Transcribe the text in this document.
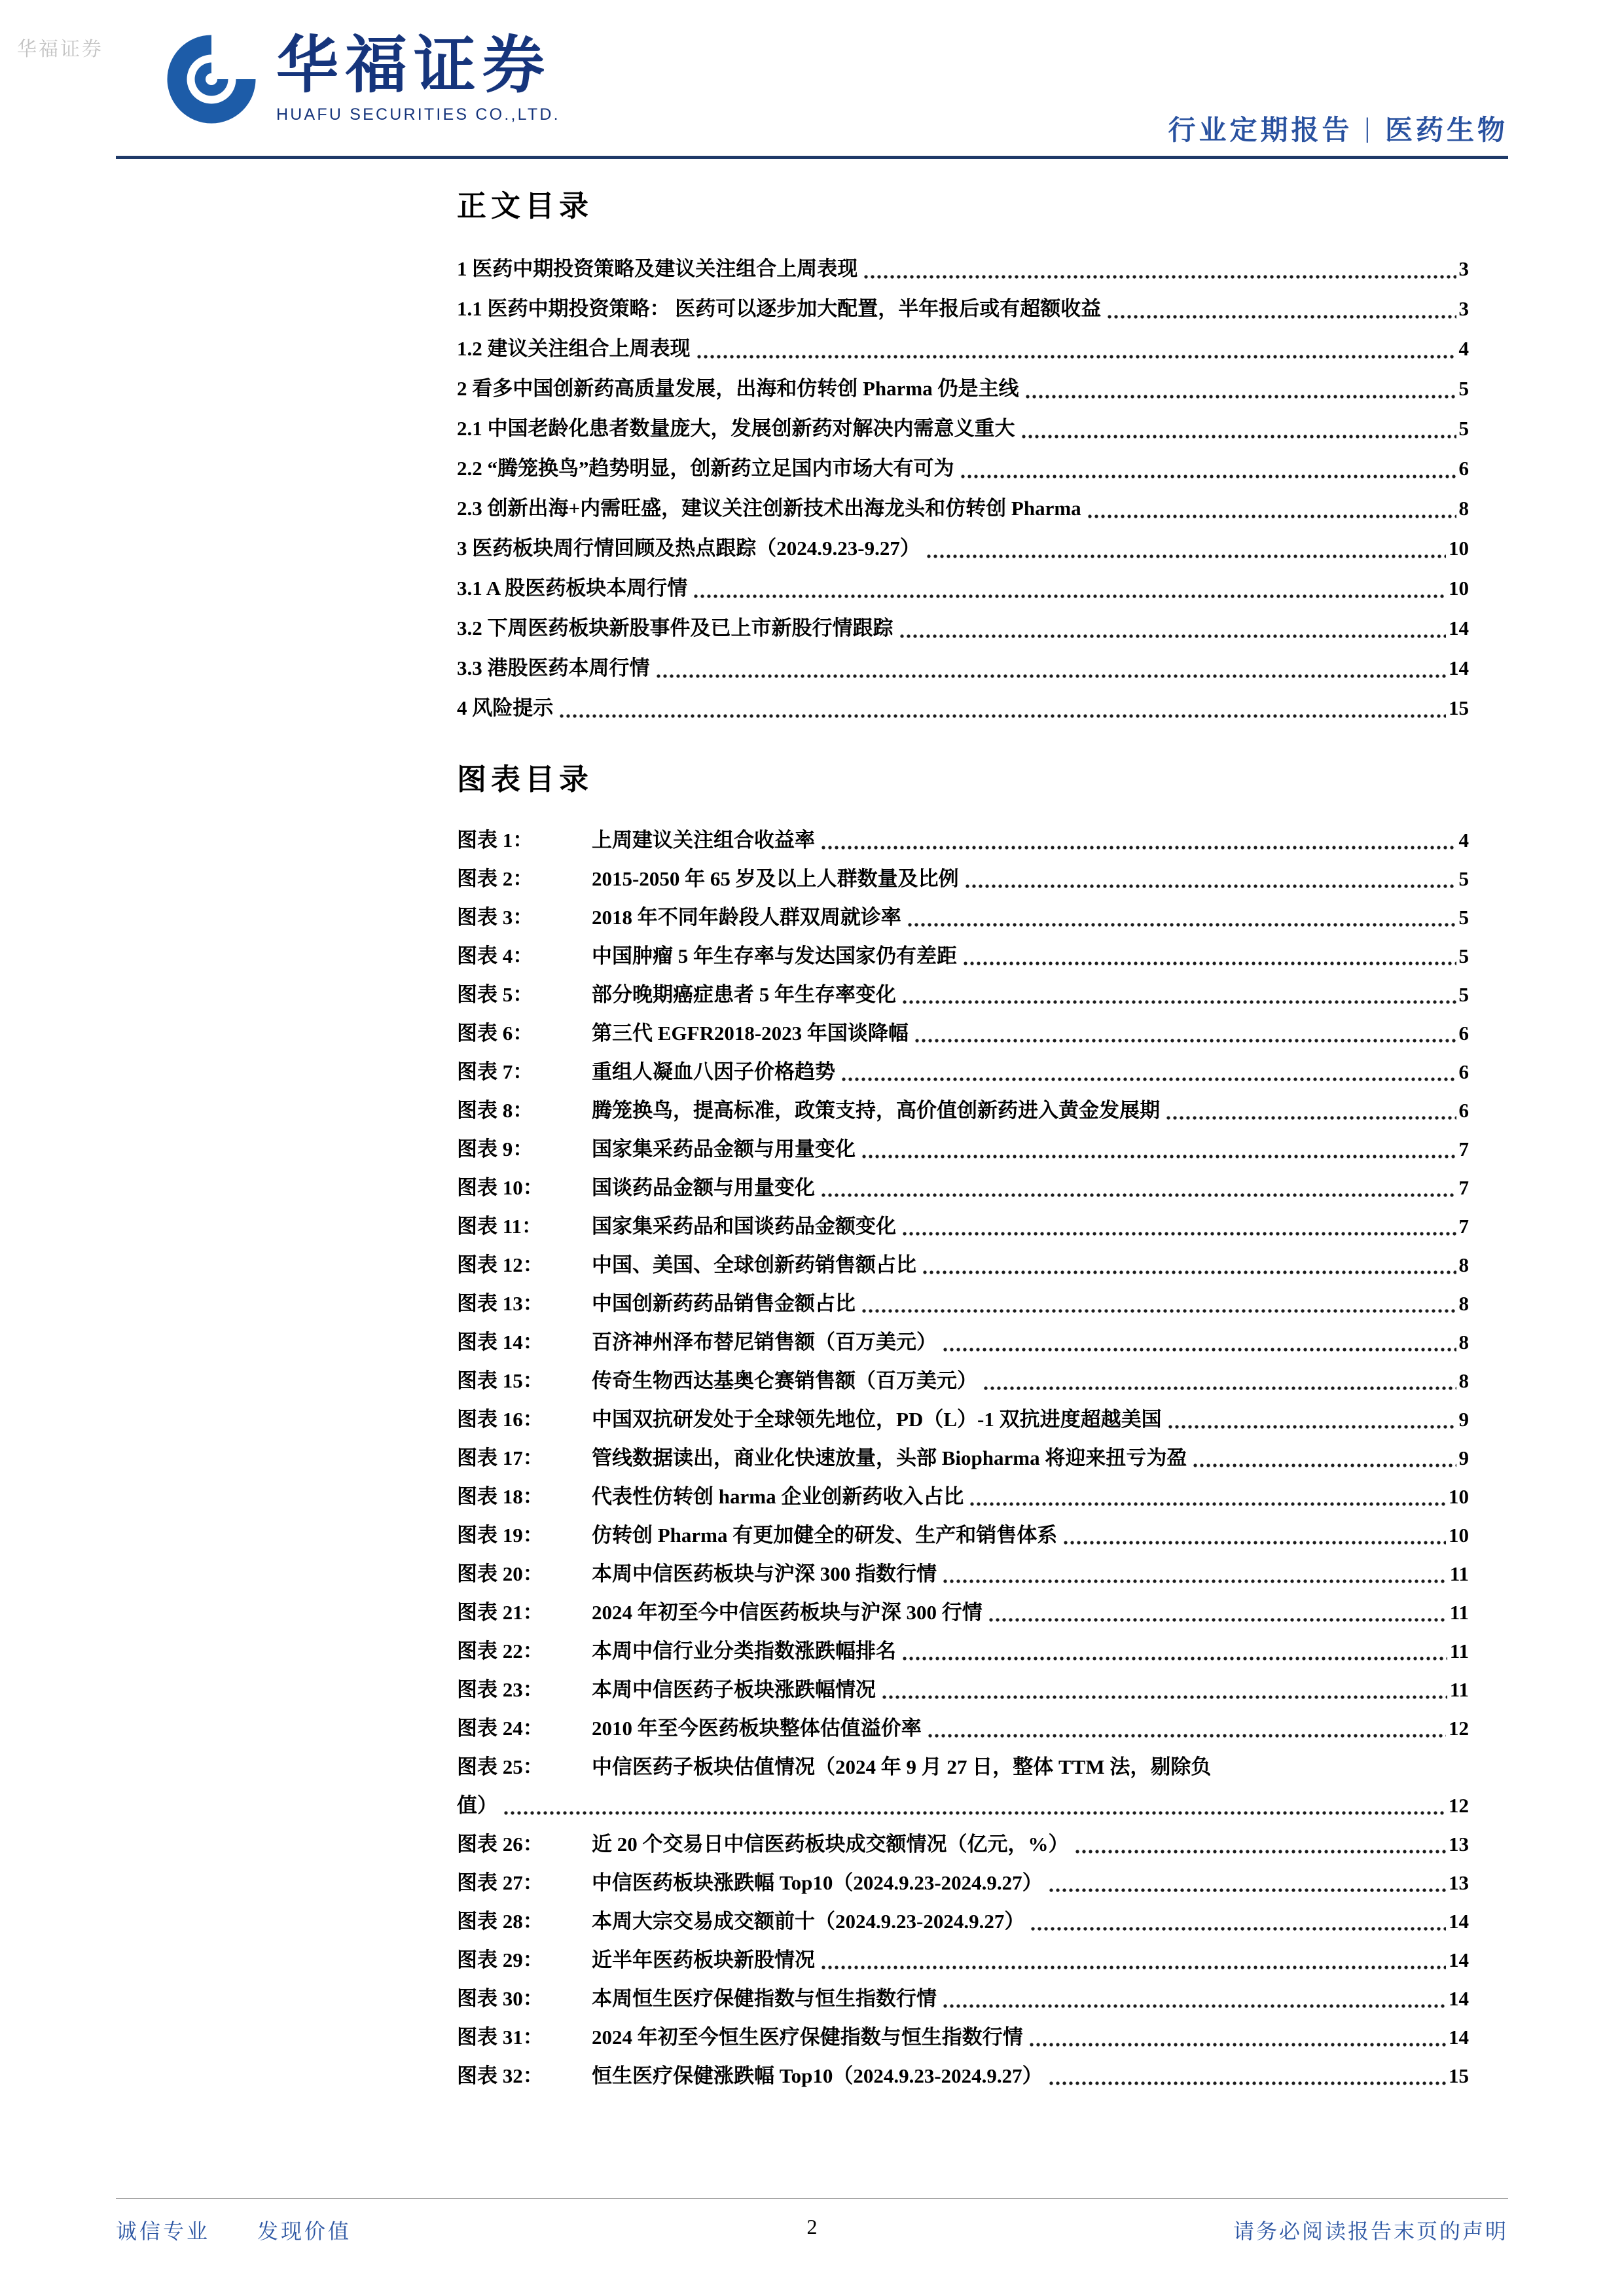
华福证券	华福证券
HUAFU SECURITIES CO.,LTD.
行业定期报告 | 医药生物
正文目录
1 医药中期投资策略及建议关注组合上周表现	3
1.1 医药中期投资策略： 医药可以逐步加大配置，半年报后或有超额收益	3
1.2 建议关注组合上周表现	4
2 看多中国创新药高质量发展，出海和仿转创 Pharma 仍是主线	5
2.1 中国老龄化患者数量庞大，发展创新药对解决内需意义重大	5
2.2 “腾笼换鸟”趋势明显，创新药立足国内市场大有可为	6
2.3 创新出海+内需旺盛，建议关注创新技术出海龙头和仿转创 Pharma	8
3 医药板块周行情回顾及热点跟踪（2024.9.23-9.27）	10
3.1 A 股医药板块本周行情	10
3.2 下周医药板块新股事件及已上市新股行情跟踪	14
3.3 港股医药本周行情	14
4 风险提示	15
图表目录
图表 1：	上周建议关注组合收益率	4
图表 2：	2015-2050 年 65 岁及以上人群数量及比例	5
图表 3：	2018 年不同年龄段人群双周就诊率	5
图表 4：	中国肿瘤 5 年生存率与发达国家仍有差距	5
图表 5：	部分晚期癌症患者 5 年生存率变化	5
图表 6：	第三代 EGFR2018-2023 年国谈降幅	6
图表 7：	重组人凝血八因子价格趋势	6
图表 8：	腾笼换鸟，提高标准，政策支持，高价值创新药进入黄金发展期	6
图表 9：	国家集采药品金额与用量变化	7
图表 10：	国谈药品金额与用量变化	7
图表 11：	国家集采药品和国谈药品金额变化	7
图表 12：	中国、美国、全球创新药销售额占比	8
图表 13：	中国创新药药品销售金额占比	8
图表 14：	百济神州泽布替尼销售额（百万美元）	8
图表 15：	传奇生物西达基奥仑赛销售额（百万美元）	8
图表 16：	中国双抗研发处于全球领先地位，PD（L）-1 双抗进度超越美国	9
图表 17：	管线数据读出，商业化快速放量，头部 Biopharma 将迎来扭亏为盈	9
图表 18：	代表性仿转创 harma 企业创新药收入占比	10
图表 19：	仿转创 Pharma 有更加健全的研发、生产和销售体系	10
图表 20：	本周中信医药板块与沪深 300 指数行情	11
图表 21：	2024 年初至今中信医药板块与沪深 300 行情	11
图表 22：	本周中信行业分类指数涨跌幅排名	11
图表 23：	本周中信医药子板块涨跌幅情况	11
图表 24：	2010 年至今医药板块整体估值溢价率	12
图表 25：	中信医药子板块估值情况（2024 年 9 月 27 日，整体 TTM 法，剔除负
值）	12
图表 26：	近 20 个交易日中信医药板块成交额情况（亿元，%）	13
图表 27：	中信医药板块涨跌幅 Top10（2024.9.23-2024.9.27）	13
图表 28：	本周大宗交易成交额前十（2024.9.23-2024.9.27）	14
图表 29：	近半年医药板块新股情况	14
图表 30：	本周恒生医疗保健指数与恒生指数行情	14
图表 31：	2024 年初至今恒生医疗保健指数与恒生指数行情	14
图表 32：	恒生医疗保健涨跌幅 Top10（2024.9.23-2024.9.27）	15
诚信专业　　发现价值	2	请务必阅读报告末页的声明
